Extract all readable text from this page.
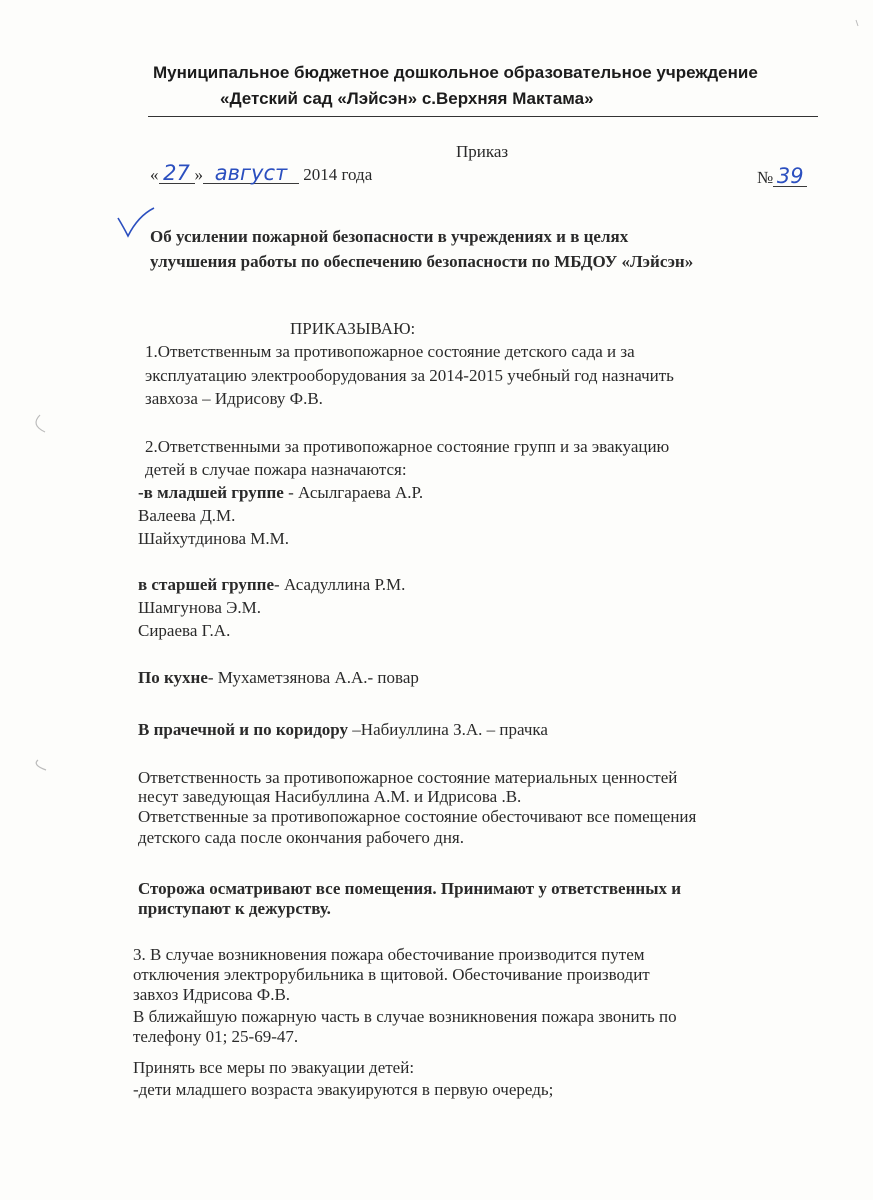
Муниципальное бюджетное дошкольное образовательное учреждение
«Детский сад «Лэйсэн» с.Верхняя Мактама»
Приказ
« 27 » август 2014 года	№ 39
Об усилении пожарной безопасности в учреждениях и в целях
улучшения работы по обеспечению безопасности по МБДОУ «Лэйсэн»
ПРИКАЗЫВАЮ:
1.Ответственным за противопожарное состояние детского сада и за
эксплуатацию электрооборудования за 2014-2015 учебный год назначить
завхоза – Идрисову Ф.В.
2.Ответственными за противопожарное состояние групп и за эвакуацию
детей в случае пожара назначаются:
-в младшей группе - Асылгараева А.Р.
Валеева Д.М.
Шайхутдинова М.М.
в старшей группе- Асадуллина Р.М.
Шамгунова Э.М.
Сираева Г.А.
По кухне- Мухаметзянова А.А.- повар
В прачечной и по коридору –Набиуллина З.А. – прачка
Ответственность за противопожарное состояние материальных ценностей
несут заведующая Насибуллина А.М. и Идрисова .В.
Ответственные за противопожарное состояние обесточивают все помещения
детского сада после окончания рабочего дня.
Сторожа осматривают все помещения. Принимают у ответственных и
приступают к дежурству.
3. В случае возникновения пожара обесточивание производится путем
отключения электрорубильника в щитовой. Обесточивание производит
завхоз Идрисова Ф.В.
В ближайшую пожарную часть в случае возникновения пожара звонить по
телефону 01; 25-69-47.
Принять все меры по эвакуации детей:
-дети младшего возраста эвакуируются в первую очередь;
